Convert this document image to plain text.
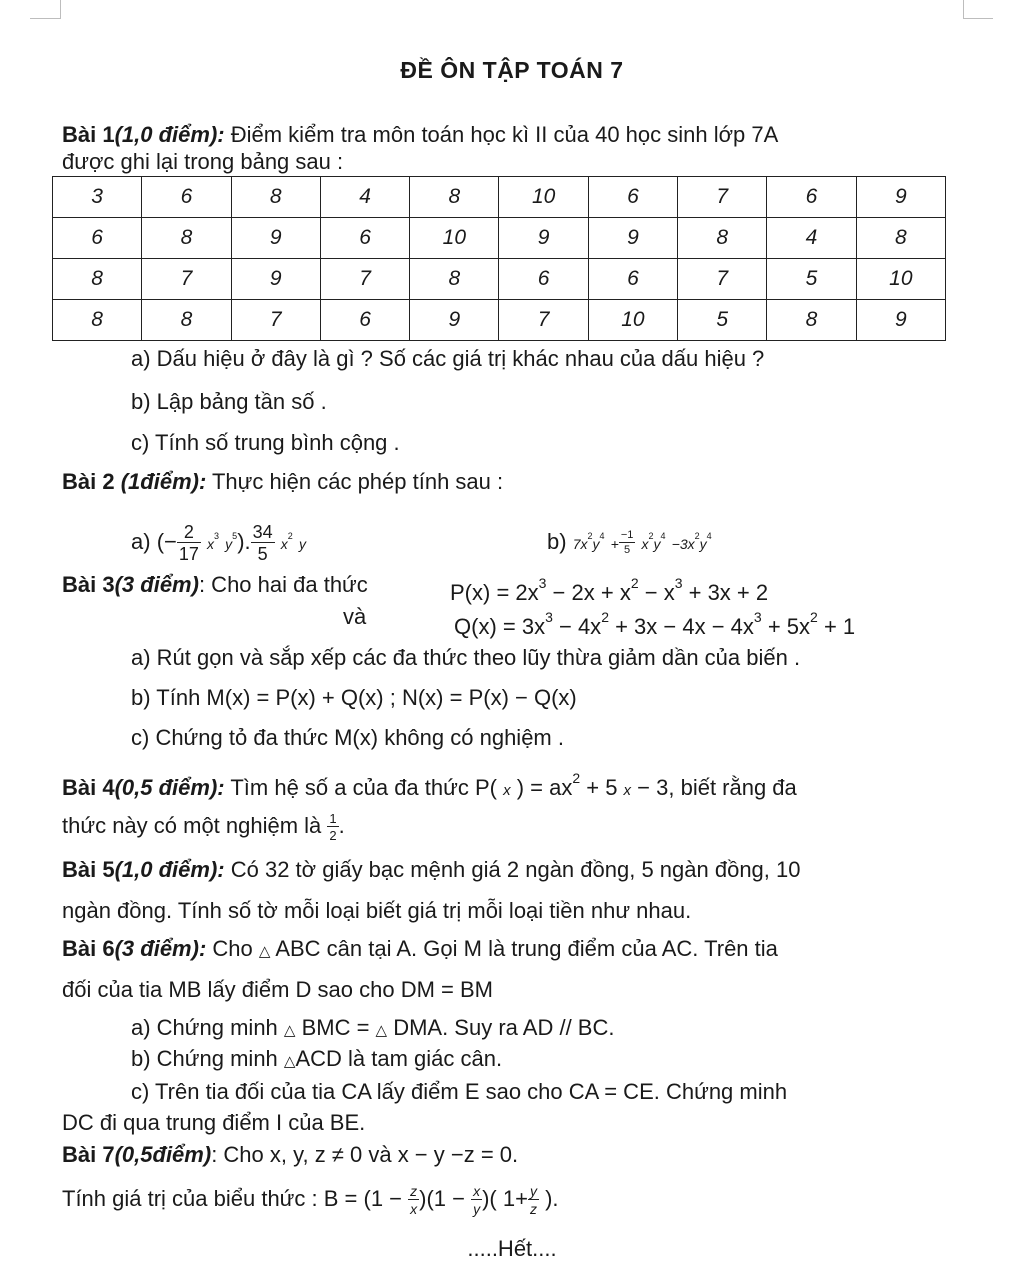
ĐỀ ÔN TẬP TOÁN 7
Bài 1(1,0 điểm): Điểm kiểm tra môn toán học kì II của 40 học sinh lớp 7A
được ghi lại trong bảng sau :
3	6	8	4	8	10	6	7	6	9
6	8	9	6	10	9	9	8	4	8
8	7	9	7	8	6	6	7	5	10
8	8	7	6	9	7	10	5	8	9
a) Dấu hiệu ở đây là gì ? Số các giá trị khác nhau của dấu hiệu ?
b) Lập bảng tần số .
c) Tính số trung bình cộng .
Bài 2 (1điểm): Thực hiện các phép tính sau :
a) (− $\frac{2}{17} x^3$ $y^5$). $\frac{34}{5} x^2$ y	b) $7x^2y^4 + \frac{-1}{5} x^2y^4 -3x^2y^4$
Bài 3(3 điểm): Cho hai đa thức	$P(x) = 2x^3 - 2x + x^2 - x^3 + 3x + 2$
và	$Q(x) = 3x^3 - 4x^2 + 3x - 4x - 4x^3 + 5x^2 + 1$
a) Rút gọn và sắp xếp các đa thức theo lũy thừa giảm dần của biến .
b) Tính M(x) = P(x) + Q(x) ; N(x) = P(x) − Q(x)
c) Chứng tỏ đa thức M(x) không có nghiệm .
Bài 4(0,5 điểm): Tìm hệ số a của đa thức P( x ) = $ax^2 + 5$ x − 3, biết rằng đa
thức này có một nghiệm là $\frac{1}{2}$ .
Bài 5(1,0 điểm): Có 32 tờ giấy bạc mệnh giá 2 ngàn đồng, 5 ngàn đồng, 10
ngàn đồng. Tính số tờ mỗi loại biết giá trị mỗi loại tiền như nhau.
Bài 6(3 điểm): Cho △ ABC cân tại A. Gọi M là trung điểm của AC. Trên tia
đối của tia MB lấy điểm D sao cho DM = BM
a) Chứng minh △ BMC = △ DMA. Suy ra AD // BC.
b) Chứng minh △ACD là tam giác cân.
c) Trên tia đối của tia CA lấy điểm E sao cho CA = CE. Chứng minh
DC đi qua trung điểm I của BE.
Bài 7(0,5điểm): Cho x, y, z ≠ 0 và x − y −z = 0.
Tính giá trị của biểu thức : $B = (1 - \frac{z}{x} )(1 - \frac{x}{y}$ )( $1+ \frac{y}{z}$ ).
.....Hết....
